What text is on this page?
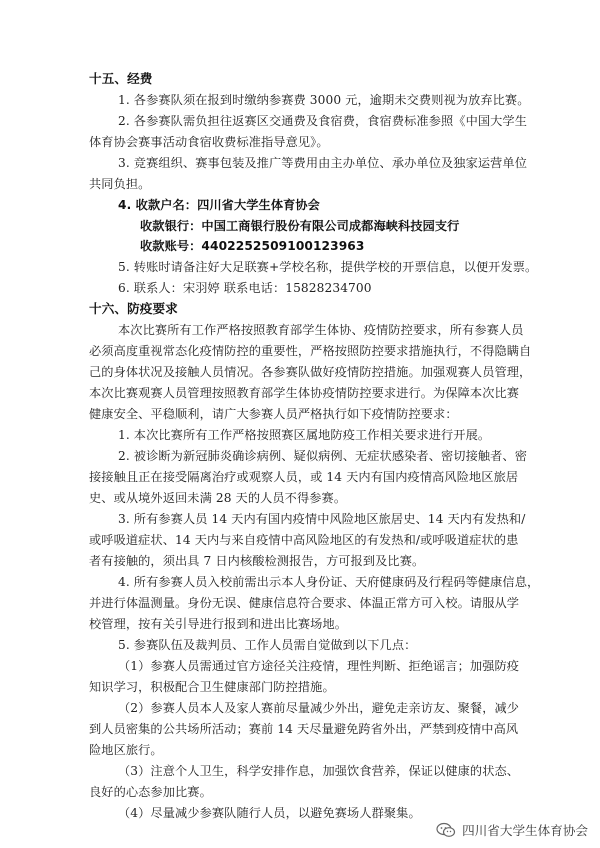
十五、经费
1. 各参赛队须在报到时缴纳参赛费 3000 元，逾期未交费则视为放弃比赛。
2. 各参赛队需负担往返赛区交通费及食宿费，食宿费标准参照《中国大学生
体育协会赛事活动食宿收费标准指导意见》。
3. 竞赛组织、赛事包装及推广等费用由主办单位、承办单位及独家运营单位
共同负担。
4. 收款户名：四川省大学生体育协会
收款银行：中国工商银行股份有限公司成都海峡科技园支行
收款账号：4402252509100123963
5. 转账时请备注好大足联赛+学校名称，提供学校的开票信息，以便开发票。
6. 联系人：宋羽婷 联系电话：15828234700
十六、防疫要求
本次比赛所有工作严格按照教育部学生体协、疫情防控要求，所有参赛人员
必须高度重视常态化疫情防控的重要性，严格按照防控要求措施执行，不得隐瞒自
己的身体状况及接触人员情况。各参赛队做好疫情防控措施。加强观赛人员管理，
本次比赛观赛人员管理按照教育部学生体协疫情防控要求进行。为保障本次比赛
健康安全、平稳顺利，请广大参赛人员严格执行如下疫情防控要求：
1. 本次比赛所有工作严格按照赛区属地防疫工作相关要求进行开展。
2. 被诊断为新冠肺炎确诊病例、疑似病例、无症状感染者、密切接触者、密
接接触且正在接受隔离治疗或观察人员，或 14 天内有国内疫情高风险地区旅居
史、或从境外返回未满 28 天的人员不得参赛。
3. 所有参赛人员 14 天内有国内疫情中风险地区旅居史、14 天内有发热和/
或呼吸道症状、14 天内与来自疫情中高风险地区的有发热和/或呼吸道症状的患
者有接触的，须出具 7 日内核酸检测报告，方可报到及比赛。
4. 所有参赛人员入校前需出示本人身份证、天府健康码及行程码等健康信息，
并进行体温测量。身份无误、健康信息符合要求、体温正常方可入校。请服从学
校管理，按有关引导进行报到和进出比赛场地。
5. 参赛队伍及裁判员、工作人员需自觉做到以下几点：
（1）参赛人员需通过官方途径关注疫情，理性判断、拒绝谣言；加强防疫
知识学习，积极配合卫生健康部门防控措施。
（2）参赛人员本人及家人赛前尽量减少外出，避免走亲访友、聚餐，减少
到人员密集的公共场所活动；赛前 14 天尽量避免跨省外出，严禁到疫情中高风
险地区旅行。
（3）注意个人卫生，科学安排作息，加强饮食营养，保证以健康的状态、
良好的心态参加比赛。
（4）尽量减少参赛队随行人员，以避免赛场人群聚集。
四川省大学生体育协会
